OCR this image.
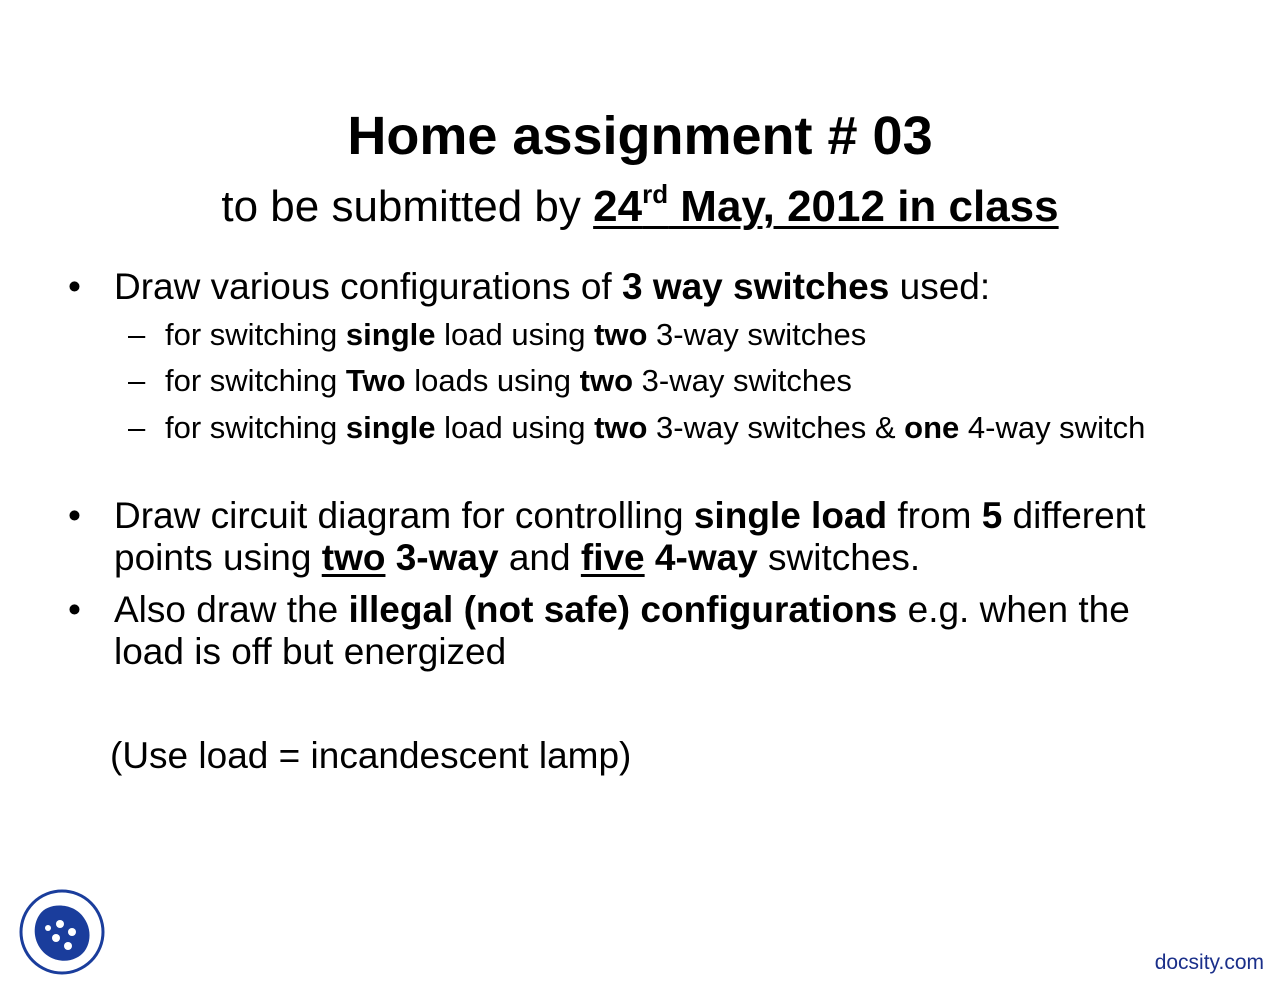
Home assignment # 03
to be submitted by 24rd May, 2012 in class
• Draw various configurations of 3 way switches used:
– for switching single load using two 3-way switches
– for switching Two loads using two 3-way switches
– for switching single load using two 3-way switches & one 4-way switch
• Draw circuit diagram for controlling single load from 5 different points using two 3-way and five 4-way switches.
• Also draw the illegal (not safe) configurations e.g. when the load is off but energized
(Use load = incandescent lamp)
docsity.com
